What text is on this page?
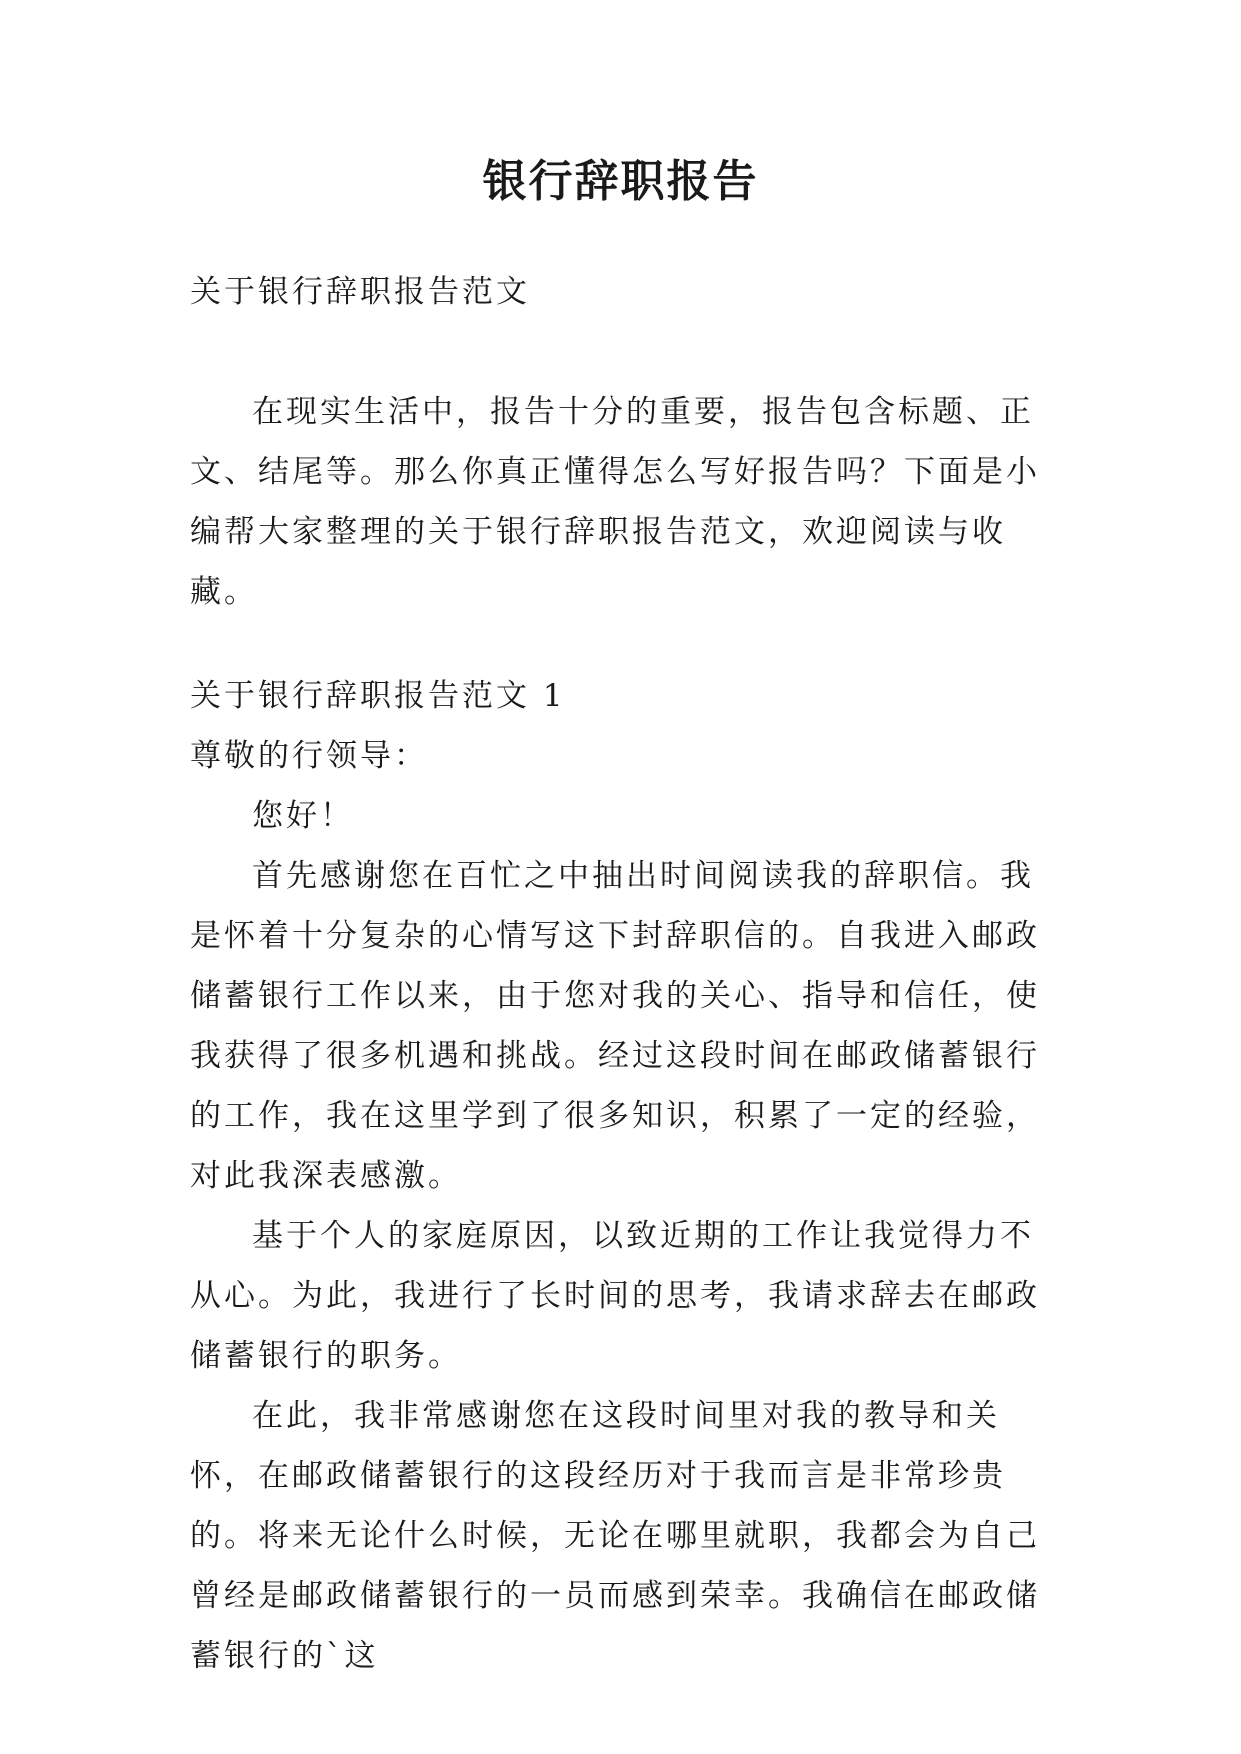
银行辞职报告

关于银行辞职报告范文

在现实生活中，报告十分的重要，报告包含标题、正文、结尾等。那么你真正懂得怎么写好报告吗？下面是小编帮大家整理的关于银行辞职报告范文，欢迎阅读与收藏。

关于银行辞职报告范文 1

尊敬的行领导：

您好！

首先感谢您在百忙之中抽出时间阅读我的辞职信。我是怀着十分复杂的心情写这下封辞职信的。自我进入邮政储蓄银行工作以来，由于您对我的关心、指导和信任，使我获得了很多机遇和挑战。经过这段时间在邮政储蓄银行的工作，我在这里学到了很多知识，积累了一定的经验，对此我深表感激。

基于个人的家庭原因，以致近期的工作让我觉得力不从心。为此，我进行了长时间的思考，我请求辞去在邮政储蓄银行的职务。

在此，我非常感谢您在这段时间里对我的教导和关怀，在邮政储蓄银行的这段经历对于我而言是非常珍贵的。将来无论什么时候，无论在哪里就职，我都会为自己曾经是邮政储蓄银行的一员而感到荣幸。我确信在邮政储蓄银行的`这
